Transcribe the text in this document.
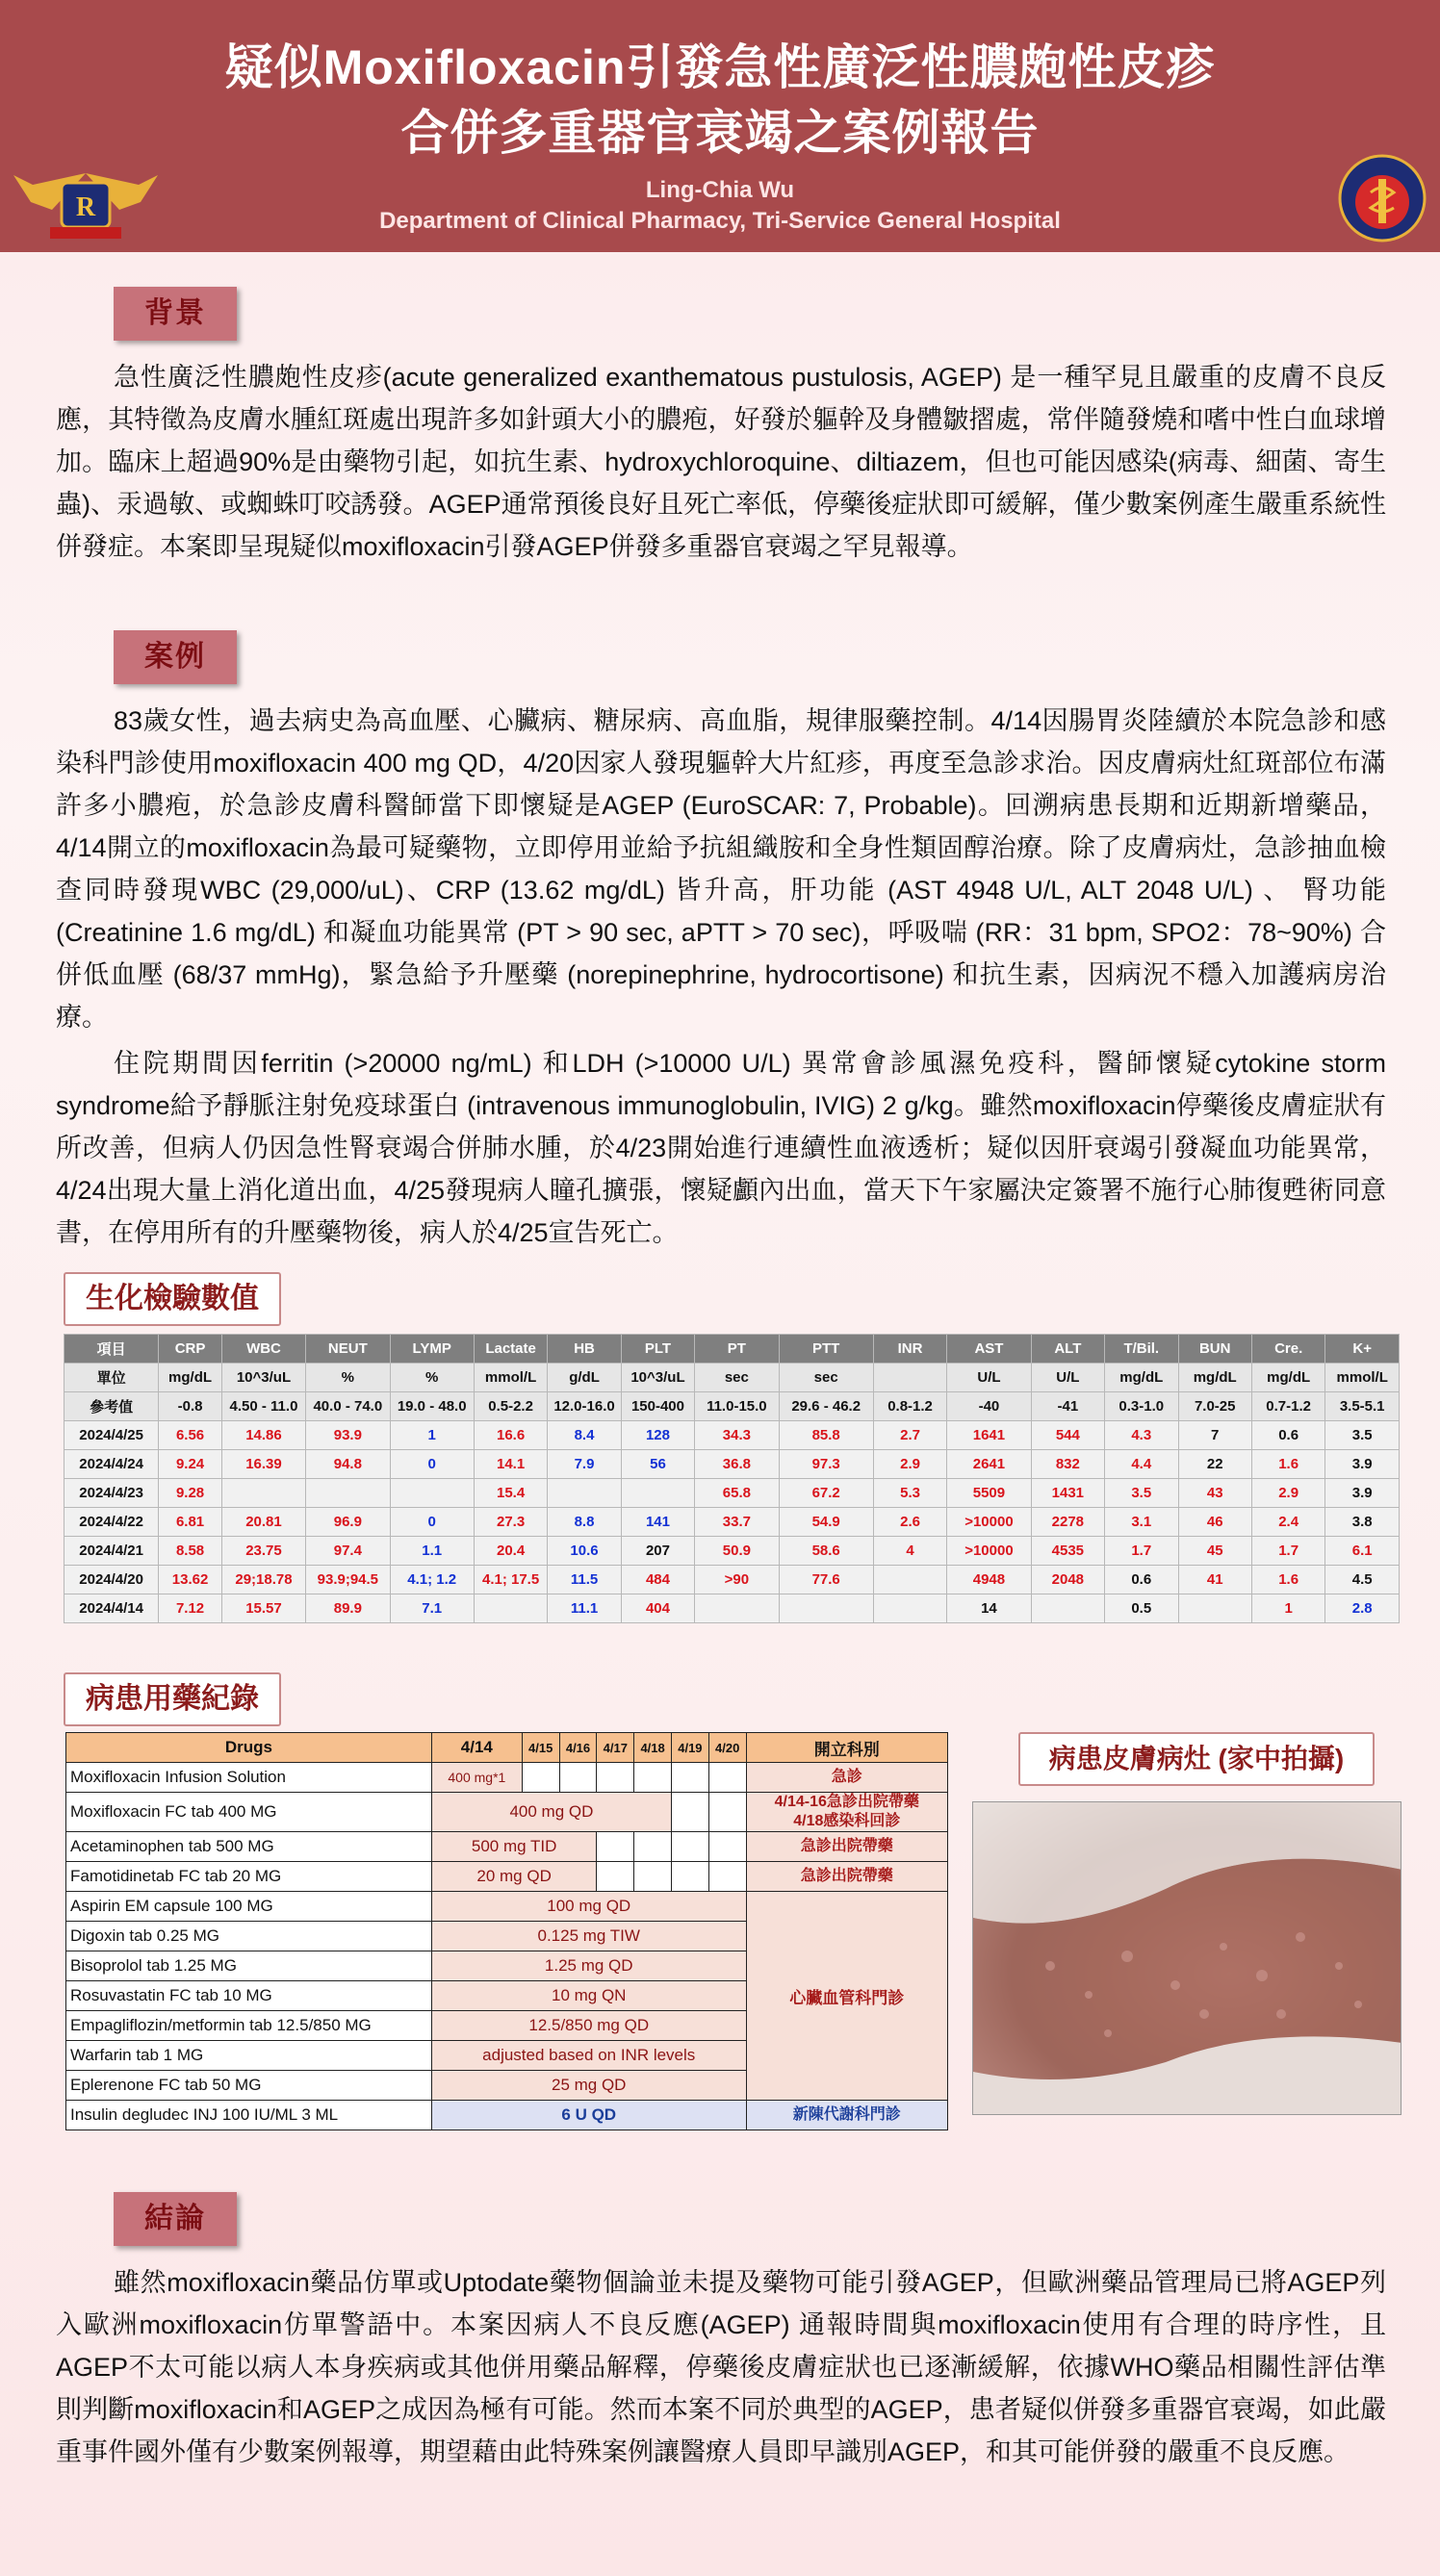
R
疑似Moxifloxacin引發急性廣泛性膿皰性皮疹
合併多重器官衰竭之案例報告
Ling-Chia Wu
Department of Clinical Pharmacy, Tri-Service General Hospital
背景
急性廣泛性膿皰性皮疹(acute generalized exanthematous pustulosis, AGEP) 是一種罕見且嚴重的皮膚不良反應，其特徵為皮膚水腫紅斑處出現許多如針頭大小的膿疱，好發於軀幹及身體皺摺處，常伴隨發燒和嗜中性白血球增加。臨床上超過90%是由藥物引起，如抗生素、hydroxychloroquine、diltiazem，但也可能因感染(病毒、細菌、寄生蟲)、汞過敏、或蜘蛛叮咬誘發。AGEP通常預後良好且死亡率低，停藥後症狀即可緩解，僅少數案例產生嚴重系統性併發症。本案即呈現疑似moxifloxacin引發AGEP併發多重器官衰竭之罕見報導。
案例
83歲女性，過去病史為高血壓、心臟病、糖尿病、高血脂，規律服藥控制。4/14因腸胃炎陸續於本院急診和感染科門診使用moxifloxacin 400 mg QD，4/20因家人發現軀幹大片紅疹，再度至急診求治。因皮膚病灶紅斑部位布滿許多小膿疱，於急診皮膚科醫師當下即懷疑是AGEP (EuroSCAR: 7, Probable)。回溯病患長期和近期新增藥品，4/14開立的moxifloxacin為最可疑藥物，立即停用並給予抗組織胺和全身性類固醇治療。除了皮膚病灶，急診抽血檢查同時發現WBC (29,000/uL)、CRP (13.62 mg/dL) 皆升高，肝功能 (AST 4948 U/L, ALT 2048 U/L) 、 腎功能 (Creatinine 1.6 mg/dL) 和凝血功能異常 (PT > 90 sec, aPTT > 70 sec)，呼吸喘 (RR：31 bpm, SPO2：78~90%) 合併低血壓 (68/37 mmHg)，緊急給予升壓藥 (norepinephrine, hydrocortisone) 和抗生素，因病況不穩入加護病房治療。
住院期間因ferritin (>20000 ng/mL) 和LDH (>10000 U/L) 異常會診風濕免疫科，醫師懷疑cytokine storm syndrome給予靜脈注射免疫球蛋白 (intravenous immunoglobulin, IVIG) 2 g/kg。雖然moxifloxacin停藥後皮膚症狀有所改善，但病人仍因急性腎衰竭合併肺水腫，於4/23開始進行連續性血液透析；疑似因肝衰竭引發凝血功能異常，4/24出現大量上消化道出血，4/25發現病人瞳孔擴張，懷疑顱內出血，當天下午家屬決定簽署不施行心肺復甦術同意書，在停用所有的升壓藥物後，病人於4/25宣告死亡。
生化檢驗數值
項目	CRP	WBC	NEUT	LYMP	Lactate	HB	PLT	PT	PTT	INR	AST	ALT	T/Bil.	BUN	Cre.	K+
單位	mg/dL	10^3/uL	%	%	mmol/L	g/dL	10^3/uL	sec	sec		U/L	U/L	mg/dL	mg/dL	mg/dL	mmol/L
參考值	-0.8	4.50 - 11.0	40.0 - 74.0	19.0 - 48.0	0.5-2.2	12.0-16.0	150-400	11.0-15.0	29.6 - 46.2	0.8-1.2	-40	-41	0.3-1.0	7.0-25	0.7-1.2	3.5-5.1
2024/4/25	6.56	14.86	93.9	1	16.6	8.4	128	34.3	85.8	2.7	1641	544	4.3	7	0.6	3.5
2024/4/24	9.24	16.39	94.8	0	14.1	7.9	56	36.8	97.3	2.9	2641	832	4.4	22	1.6	3.9
2024/4/23	9.28				15.4			65.8	67.2	5.3	5509	1431	3.5	43	2.9	3.9
2024/4/22	6.81	20.81	96.9	0	27.3	8.8	141	33.7	54.9	2.6	>10000	2278	3.1	46	2.4	3.8
2024/4/21	8.58	23.75	97.4	1.1	20.4	10.6	207	50.9	58.6	4	>10000	4535	1.7	45	1.7	6.1
2024/4/20	13.62	29;18.78	93.9;94.5	4.1; 1.2	4.1; 17.5	11.5	484	>90	77.6		4948	2048	0.6	41	1.6	4.5
2024/4/14	7.12	15.57	89.9	7.1		11.1	404				14		0.5		1	2.8
病患用藥紀錄
Drugs	4/14	4/15	4/16	4/17	4/18	4/19	4/20	開立科別
Moxifloxacin Infusion Solution	400 mg*1							急診
Moxifloxacin FC tab 400 MG	400 mg QD							4/14-16急診出院帶藥
4/18感染科回診
Acetaminophen tab 500 MG	500 mg TID							急診出院帶藥
Famotidinetab FC tab 20 MG	20 mg QD							急診出院帶藥
Aspirin EM capsule 100 MG	100 mg QD							心臟血管科門診
Digoxin tab 0.25 MG	0.125 mg TIW							
Bisoprolol tab 1.25 MG	1.25 mg QD							
Rosuvastatin FC tab 10 MG	10 mg QN							
Empagliflozin/metformin tab 12.5/850 MG	12.5/850 mg QD							
Warfarin tab 1 MG	adjusted based on INR levels							
Eplerenone FC tab 50 MG	25 mg QD							
Insulin degludec INJ 100 IU/ML 3 ML	6 U QD							新陳代謝科門診
病患皮膚病灶 (家中拍攝)
結論
雖然moxifloxacin藥品仿單或Uptodate藥物個論並未提及藥物可能引發AGEP，但歐洲藥品管理局已將AGEP列入歐洲moxifloxacin仿單警語中。本案因病人不良反應(AGEP) 通報時間與moxifloxacin使用有合理的時序性，且AGEP不太可能以病人本身疾病或其他併用藥品解釋，停藥後皮膚症狀也已逐漸緩解，依據WHO藥品相關性評估準則判斷moxifloxacin和AGEP之成因為極有可能。然而本案不同於典型的AGEP，患者疑似併發多重器官衰竭，如此嚴重事件國外僅有少數案例報導，期望藉由此特殊案例讓醫療人員即早識別AGEP，和其可能併發的嚴重不良反應。
